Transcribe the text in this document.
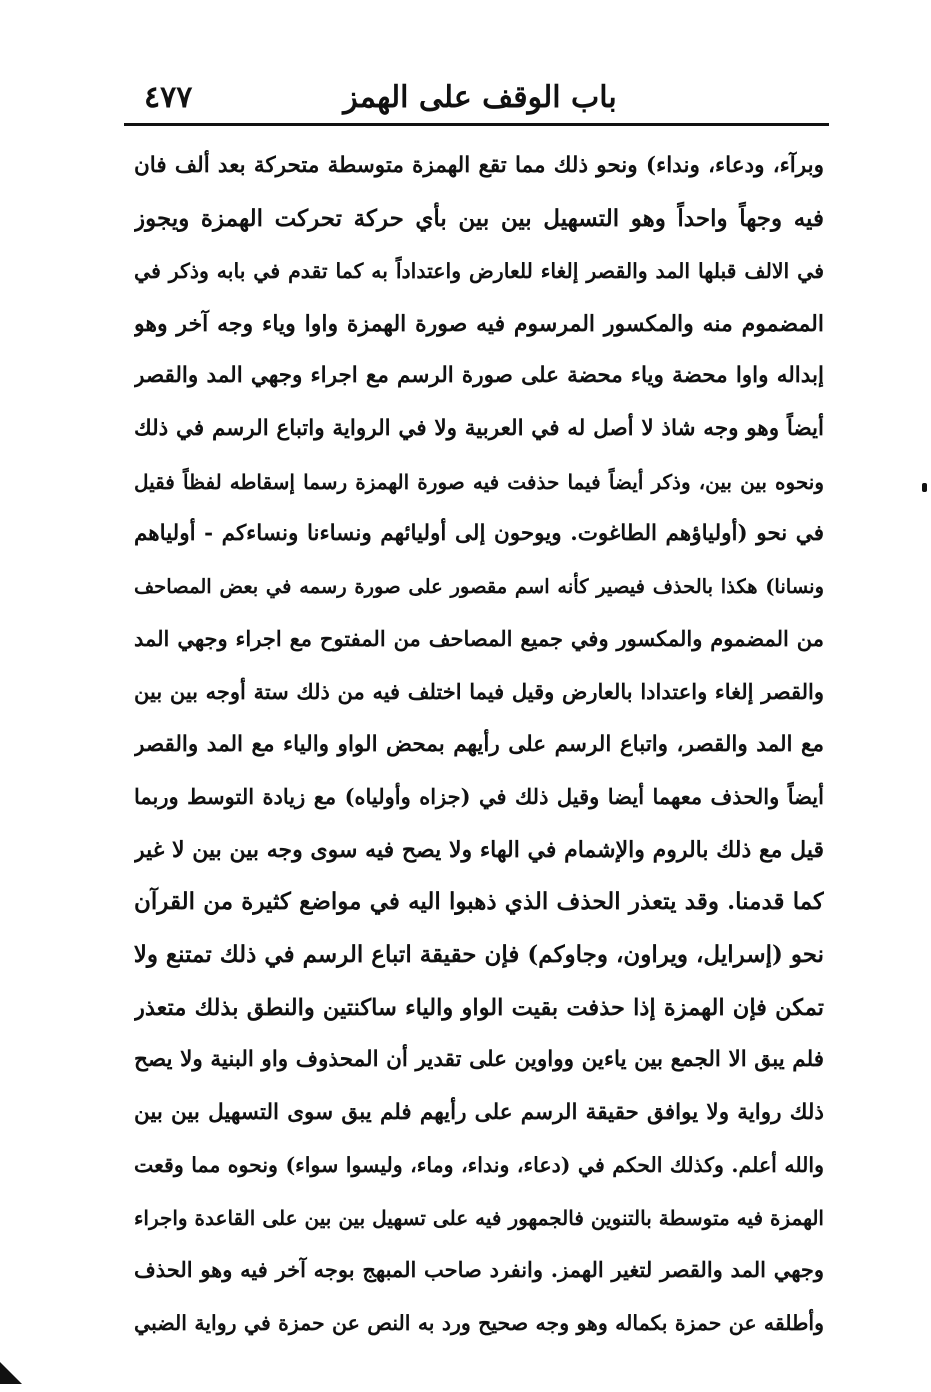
باب الوقف على الهمز
٤٧٧
وبرآء، ودعاء، ونداء) ونحو ذلك مما تقع الهمزة متوسطة متحركة بعد ألف فان
فيه وجهاً واحداً وهو التسهيل بين بين بأي حركة تحركت الهمزة ويجوز
في الالف قبلها المد والقصر إلغاء للعارض واعتداداً به كما تقدم في بابه وذكر في
المضموم منه والمكسور المرسوم فيه صورة الهمزة واوا وياء وجه آخر وهو
إبداله واوا محضة وياء محضة على صورة الرسم مع اجراء وجهي المد والقصر
أيضاً وهو وجه شاذ لا أصل له في العربية ولا في الرواية واتباع الرسم في ذلك
ونحوه بين بين، وذكر أيضاً فيما حذفت فيه صورة الهمزة رسما إسقاطه لفظاً فقيل
في نحو (أولياؤهم الطاغوت. ويوحون إلى أوليائهم ونساءنا ونساءكم - أولياهم
ونسانا) هكذا بالحذف فيصير كأنه اسم مقصور على صورة رسمه في بعض المصاحف
من المضموم والمكسور وفي جميع المصاحف من المفتوح مع اجراء وجهي المد
والقصر إلغاء واعتدادا بالعارض وقيل فيما اختلف فيه من ذلك ستة أوجه بين بين
مع المد والقصر، واتباع الرسم على رأيهم بمحض الواو والياء مع المد والقصر
أيضاً والحذف معهما أيضا وقيل ذلك في (جزاه وأولياه) مع زيادة التوسط وربما
قيل مع ذلك بالروم والإشمام في الهاء ولا يصح فيه سوى وجه بين بين لا غير
كما قدمنا. وقد يتعذر الحذف الذي ذهبوا اليه في مواضع كثيرة من القرآن
نحو (إسرايل، ويراون، وجاوكم) فإن حقيقة اتباع الرسم في ذلك تمتنع ولا
تمكن فإن الهمزة إذا حذفت بقيت الواو والياء ساكنتين والنطق بذلك متعذر
فلم يبق الا الجمع بين ياءين وواوين على تقدير أن المحذوف واو البنية ولا يصح
ذلك رواية ولا يوافق حقيقة الرسم على رأيهم فلم يبق سوى التسهيل بين بين
والله أعلم. وكذلك الحكم في (دعاء، ونداء، وماء، وليسوا سواء) ونحوه مما وقعت
الهمزة فيه متوسطة بالتنوين فالجمهور فيه على تسهيل بين بين على القاعدة واجراء
وجهي المد والقصر لتغير الهمز. وانفرد صاحب المبهج بوجه آخر فيه وهو الحذف
وأطلقه عن حمزة بكماله وهو وجه صحيح ورد به النص عن حمزة في رواية الضبي
